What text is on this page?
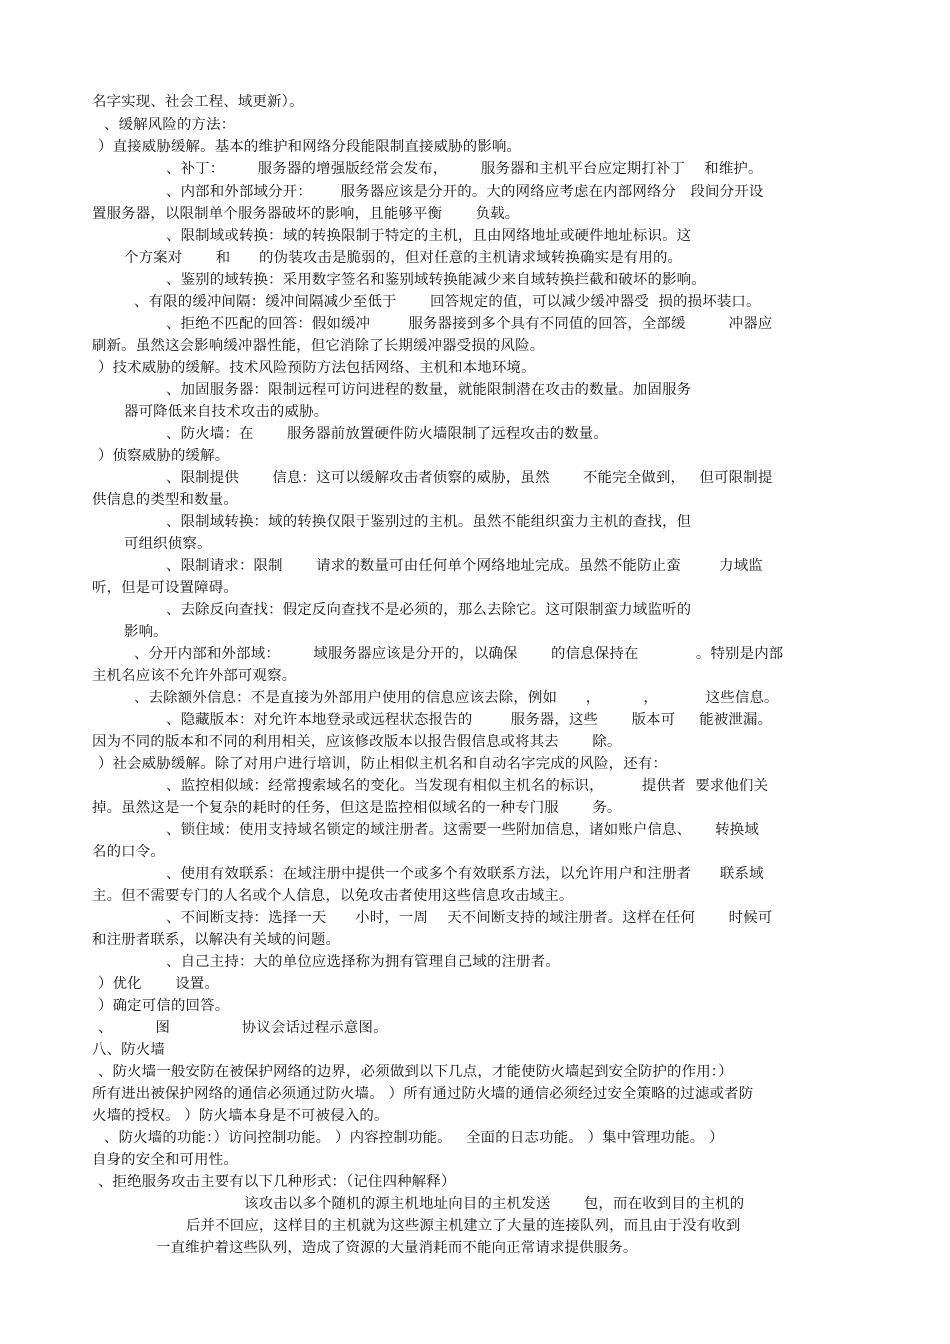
名字实现、社会工程、域更新）。

、缓解风险的方法：

）直接威胁缓解。基本的维护和网络分段能限制直接威胁的影响。

、补丁：       服务器的增强版经常会发布，       服务器和主机平台应定期打补丁    和维护。

、内部和外部域分开：      服务器应该是分开的。大的网络应考虑在内部网络分   段间分开设

置服务器，以限制单个服务器破坏的影响，且能够平衡       负载。

、限制域或转换：域的转换限制于特定的主机，且由网络地址或硬件地址标识。这

个方案对       和      的伪装攻击是脆弱的，但对任意的主机请求域转换确实是有用的。

、鉴别的域转换：采用数字签名和鉴别域转换能减少来自域转换拦截和破坏的影响。

、有限的缓冲间隔：缓冲间隔减少至低于       回答规定的值，可以减少缓冲器受  损的损坏装口。

、拒绝不匹配的回答：假如缓冲        服务器接到多个具有不同值的回答，全部缓         冲器应

刷新。虽然这会影响缓冲器性能，但它消除了长期缓冲器受损的风险。

）技术威胁的缓解。技术风险预防方法包括网络、主机和本地环境。

、加固服务器：限制远程可访问进程的数量，就能限制潜在攻击的数量。加固服务

器可降低来自技术攻击的威胁。

、防火墙：在       服务器前放置硬件防火墙限制了远程攻击的数量。

）侦察威胁的缓解。

、限制提供       信息：这可以缓解攻击者侦察的威胁，虽然       不能完全做到，   但可限制提

供信息的类型和数量。

、限制域转换：域的转换仅限于鉴别过的主机。虽然不能组织蛮力主机的查找，但

可组织侦察。

、限制请求：限制       请求的数量可由任何单个网络地址完成。虽然不能防止蛮        力域监

听，但是可设置障碍。

、去除反向查找：假定反向查找不是必须的，那么去除它。这可限制蛮力域监听的

影响。

、分开内部和外部域：       域服务器应该是分开的，以确保       的信息保持在            。特别是内部

主机名应该不允许外部可观察。

、去除额外信息：不是直接为外部用户使用的信息应该去除，例如      ，         ，          这些信息。

、隐藏版本：对允许本地登录或远程状态报告的        服务器，这些       版本可     能被泄漏。

因为不同的版本和不同的利用相关，应该修改版本以报告假信息或将其去       除。

）社会威胁缓解。除了对用户进行培训，防止相似主机名和自动名字完成的风险，还有：

、监控相似域：经常搜索域名的变化。当发现有相似主机名的标识，        提供者  要求他们关

掉。虽然这是一个复杂的耗时的任务，但这是监控相似域名的一种专门服       务。

、锁住域：使用支持域名锁定的域注册者。这需要一些附加信息，诸如账户信息、     转换域

名的口令。

、使用有效联系：在域注册中提供一个或多个有效联系方法，以允许用户和注册者      联系域

主。但不需要专门的人名或个人信息，以免攻击者使用这些信息攻击域主。

、不间断支持：选择一天      小时，一周    天不间断支持的域注册者。这样在任何       时候可

和注册者联系，以解决有关域的问题。

、自己主持：大的单位应选择称为拥有管理自己域的注册者。

）优化       设置。

）确定可信的回答。

、         图               协议会话过程示意图。

八、防火墙

、防火墙一般安防在被保护网络的边界，必须做到以下几点，才能使防火墙起到安全防护的作用：）

所有进出被保护网络的通信必须通过防火墙。 ）所有通过防火墙的通信必须经过安全策略的过滤或者防

火墙的授权。 ）防火墙本身是不可被侵入的。

、防火墙的功能：）访问控制功能。 ）内容控制功能。   全面的日志功能。 ）集中管理功能。 ）

自身的安全和可用性。

、拒绝服务攻击主要有以下几种形式：（记住四种解释）

该攻击以多个随机的源主机地址向目的主机发送       包，而在收到目的主机的

后并不回应，这样目的主机就为这些源主机建立了大量的连接队列，而且由于没有收到

一直维护着这些队列，造成了资源的大量消耗而不能向正常请求提供服务。
